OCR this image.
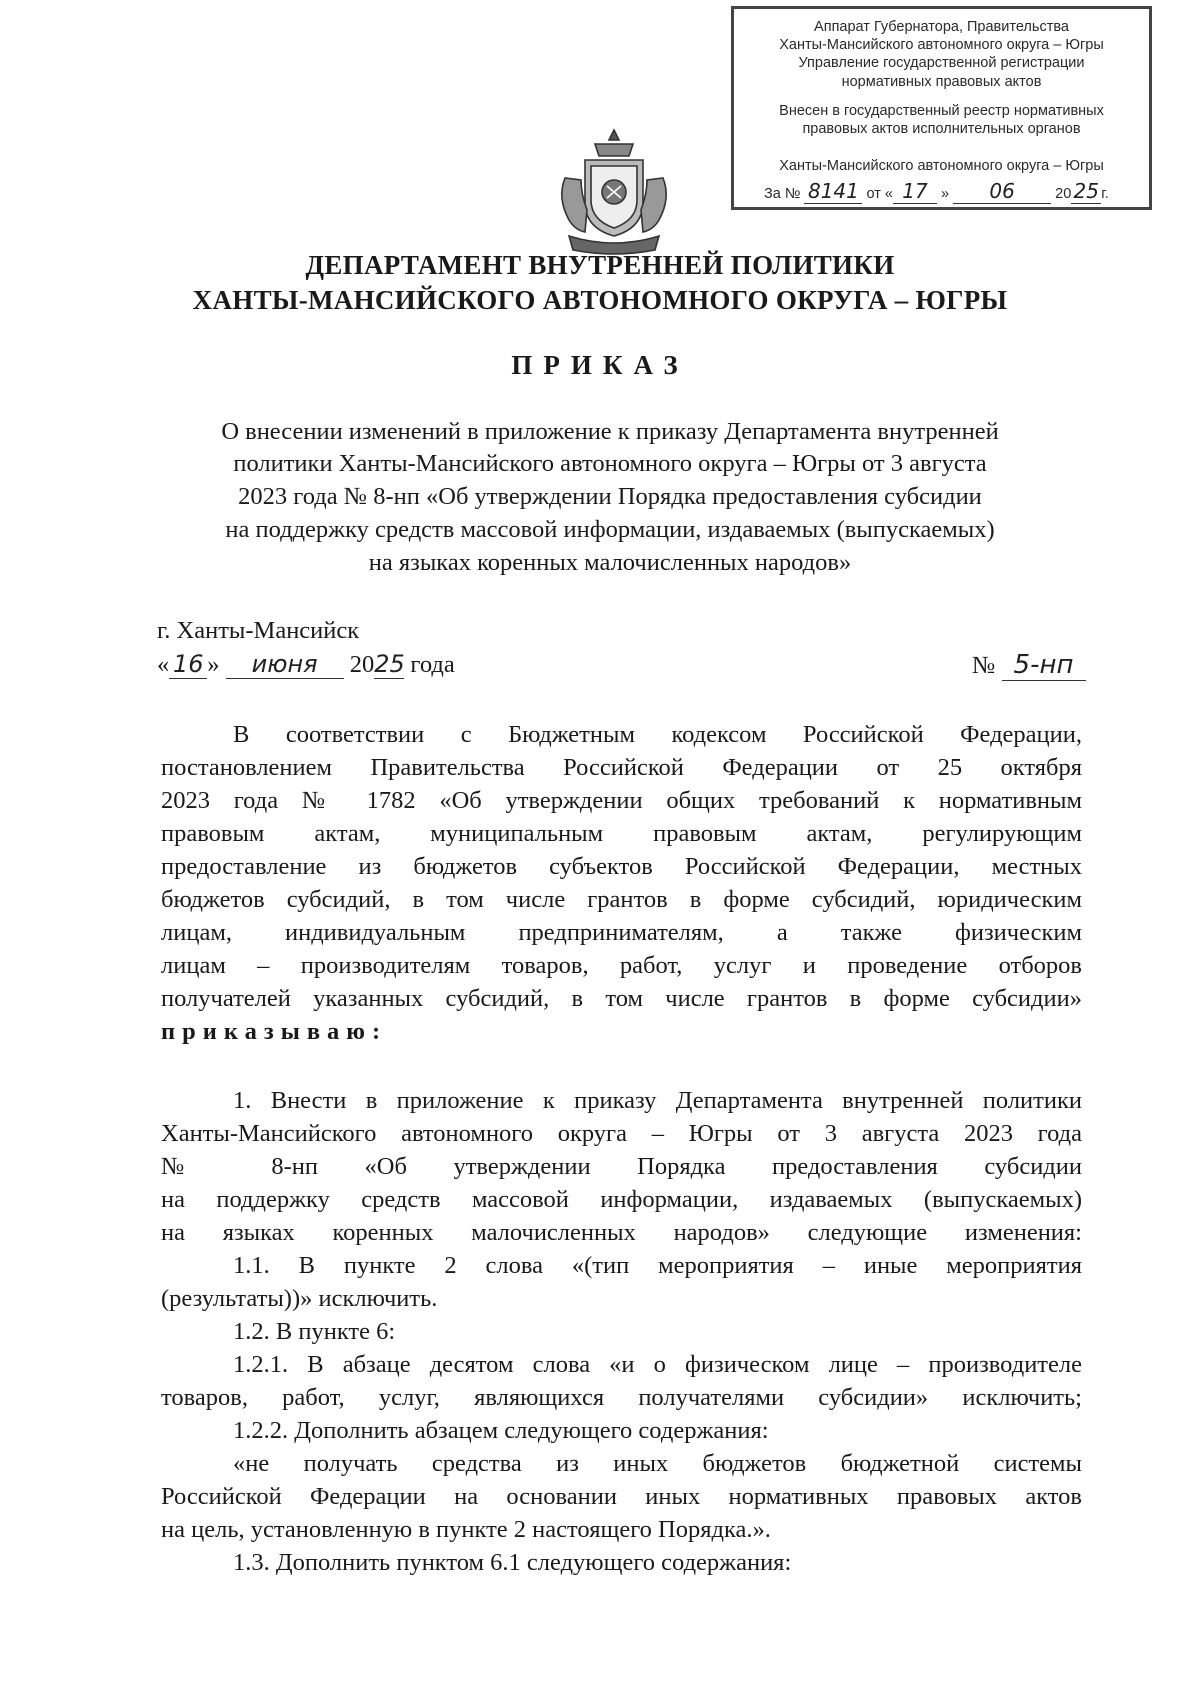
Аппарат Губернатора, Правительства
Ханты-Мансийского автономного округа – Югры
Управление государственной регистрации
нормативных правовых актов
Внесен в государственный реестр нормативных
правовых актов исполнительных органов
Ханты-Мансийского автономного округа – Югры
За № 8141 от « 17 » 06	20 25 г.
ДЕПАРТАМЕНТ ВНУТРЕННЕЙ ПОЛИТИКИ
ХАНТЫ-МАНСИЙСКОГО АВТОНОМНОГО ОКРУГА – ЮГРЫ
ПРИКАЗ
О внесении изменений в приложение к приказу Департамента внутренней
политики Ханты-Мансийского автономного округа – Югры от 3 августа
2023 года № 8-нп «Об утверждении Порядка предоставления субсидии
на поддержку средств массовой информации, издаваемых (выпускаемых)
на языках коренных малочисленных народов»
г. Ханты-Мансийск
« 16 » июня 2025 года	№ 5-нп
В соответствии с Бюджетным кодексом Российской Федерации,
постановлением Правительства Российской Федерации от 25 октября
2023 года № 1782 «Об утверждении общих требований к нормативным
правовым актам, муниципальным правовым актам, регулирующим
предоставление из бюджетов субъектов Российской Федерации, местных
бюджетов субсидий, в том числе грантов в форме субсидий, юридическим
лицам, индивидуальным предпринимателям, а также физическим
лицам – производителям товаров, работ, услуг и проведение отборов
получателей указанных субсидий, в том числе грантов в форме субсидии»
приказываю:
1. Внести в приложение к приказу Департамента внутренней политики
Ханты-Мансийского автономного округа – Югры от 3 августа 2023 года
№ 8-нп «Об утверждении Порядка предоставления субсидии
на поддержку средств массовой информации, издаваемых (выпускаемых)
на языках коренных малочисленных народов» следующие изменения:
1.1. В пункте 2 слова «(тип мероприятия – иные мероприятия
(результаты))» исключить.
1.2. В пункте 6:
1.2.1. В абзаце десятом слова «и о физическом лице – производителе
товаров, работ, услуг, являющихся получателями субсидии» исключить;
1.2.2. Дополнить абзацем следующего содержания:
«не получать средства из иных бюджетов бюджетной системы
Российской Федерации на основании иных нормативных правовых актов
на цель, установленную в пункте 2 настоящего Порядка.».
1.3. Дополнить пунктом 6.1 следующего содержания:
